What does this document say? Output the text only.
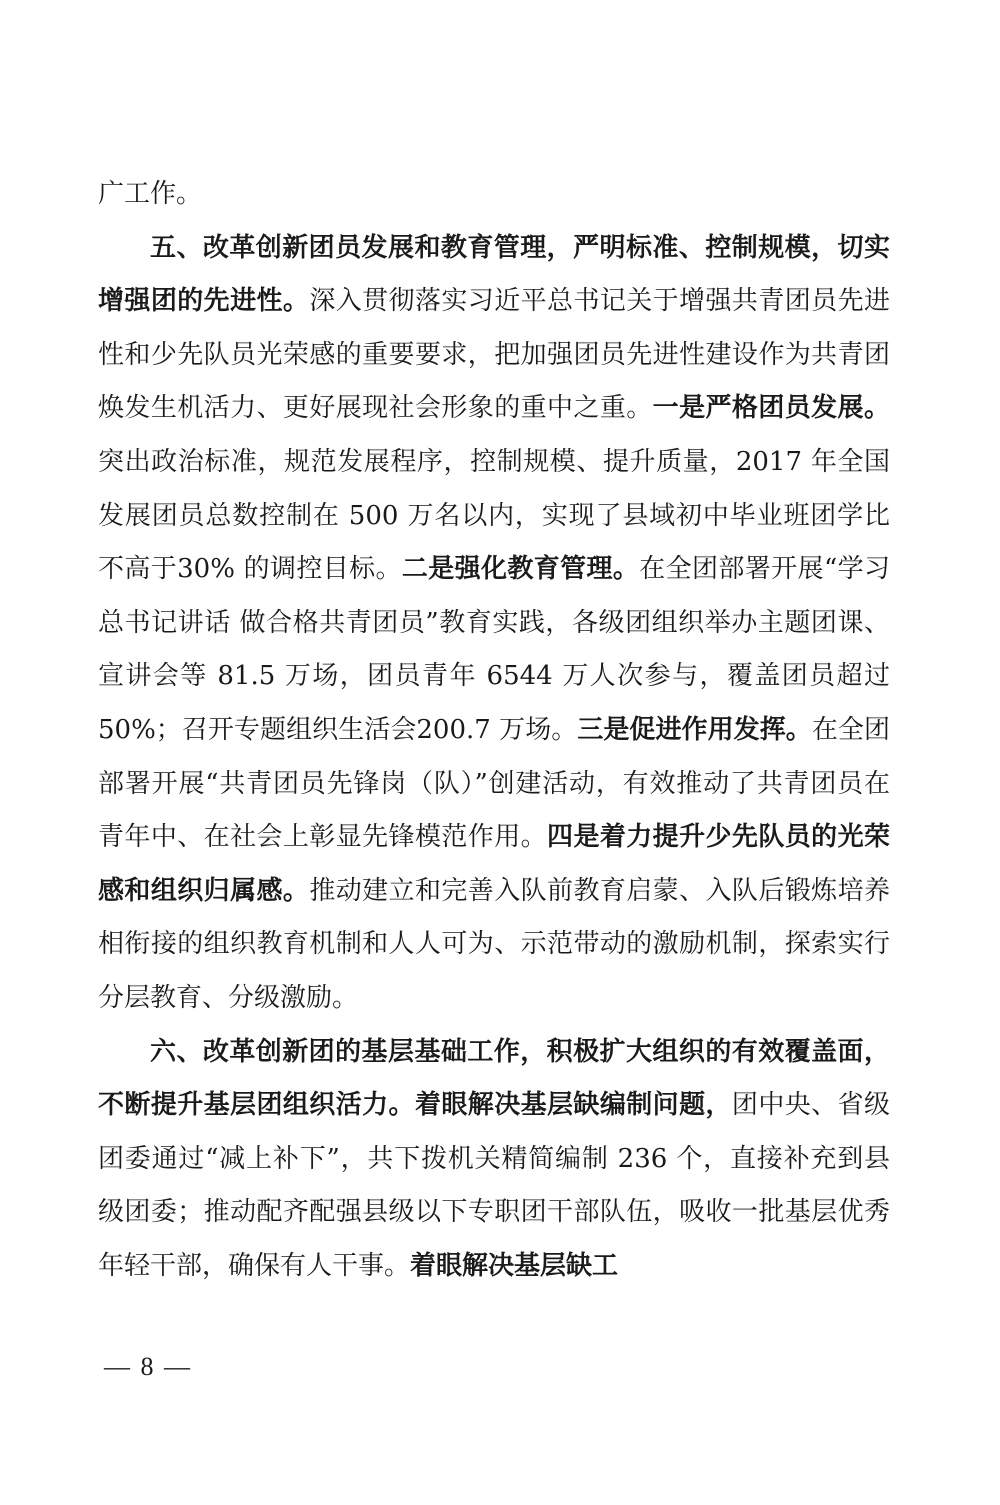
广工作。

五、改革创新团员发展和教育管理，严明标准、控制规模，切实增强团的先进性。深入贯彻落实习近平总书记关于增强共青团员先进性和少先队员光荣感的重要要求，把加强团员先进性建设作为共青团焕发生机活力、更好展现社会形象的重中之重。一是严格团员发展。突出政治标准，规范发展程序，控制规模、提升质量，2017 年全国发展团员总数控制在 500 万名以内，实现了县域初中毕业班团学比不高于30% 的调控目标。二是强化教育管理。在全团部署开展“学习总书记讲话 做合格共青团员”教育实践，各级团组织举办主题团课、宣讲会等 81.5 万场，团员青年 6544 万人次参与，覆盖团员超过 50%；召开专题组织生活会200.7 万场。三是促进作用发挥。在全团部署开展“共青团员先锋岗（队）”创建活动，有效推动了共青团员在青年中、在社会上彰显先锋模范作用。四是着力提升少先队员的光荣感和组织归属感。推动建立和完善入队前教育启蒙、入队后锻炼培养相衔接的组织教育机制和人人可为、示范带动的激励机制，探索实行分层教育、分级激励。

六、改革创新团的基层基础工作，积极扩大组织的有效覆盖面，不断提升基层团组织活力。着眼解决基层缺编制问题，团中央、省级团委通过“减上补下”，共下拨机关精简编制 236 个，直接补充到县级团委；推动配齐配强县级以下专职团干部队伍，吸收一批基层优秀年轻干部，确保有人干事。着眼解决基层缺工

— 8 —
